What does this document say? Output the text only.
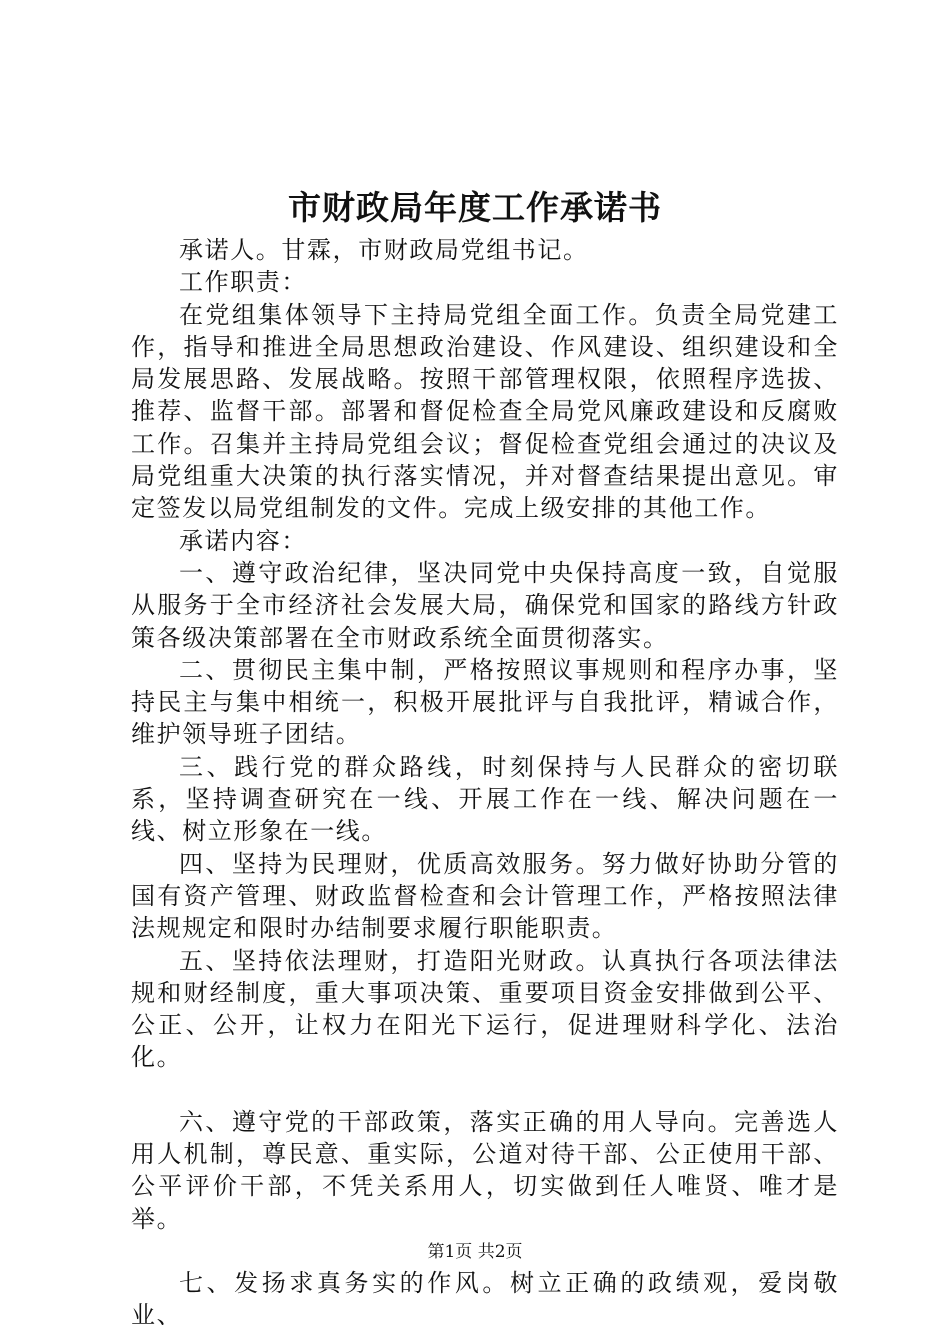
市财政局年度工作承诺书

承诺人。甘霖，市财政局党组书记。

工作职责：

在党组集体领导下主持局党组全面工作。负责全局党建工作，指导和推进全局思想政治建设、作风建设、组织建设和全局发展思路、发展战略。按照干部管理权限，依照程序选拔、推荐、监督干部。部署和督促检查全局党风廉政建设和反腐败工作。召集并主持局党组会议；督促检查党组会通过的决议及局党组重大决策的执行落实情况，并对督查结果提出意见。审定签发以局党组制发的文件。完成上级安排的其他工作。

承诺内容：

一、遵守政治纪律，坚决同党中央保持高度一致，自觉服从服务于全市经济社会发展大局，确保党和国家的路线方针政策各级决策部署在全市财政系统全面贯彻落实。

二、贯彻民主集中制，严格按照议事规则和程序办事，坚持民主与集中相统一，积极开展批评与自我批评，精诚合作，维护领导班子团结。

三、践行党的群众路线，时刻保持与人民群众的密切联系，坚持调查研究在一线、开展工作在一线、解决问题在一线、树立形象在一线。

四、坚持为民理财，优质高效服务。努力做好协助分管的国有资产管理、财政监督检查和会计管理工作，严格按照法律法规规定和限时办结制要求履行职能职责。

五、坚持依法理财，打造阳光财政。认真执行各项法律法规和财经制度，重大事项决策、重要项目资金安排做到公平、公正、公开，让权力在阳光下运行，促进理财科学化、法治化。

六、遵守党的干部政策，落实正确的用人导向。完善选人用人机制，尊民意、重实际，公道对待干部、公正使用干部、公平评价干部，不凭关系用人，切实做到任人唯贤、唯才是举。

七、发扬求真务实的作风。树立正确的政绩观，爱岗敬业、

第1页 共2页
